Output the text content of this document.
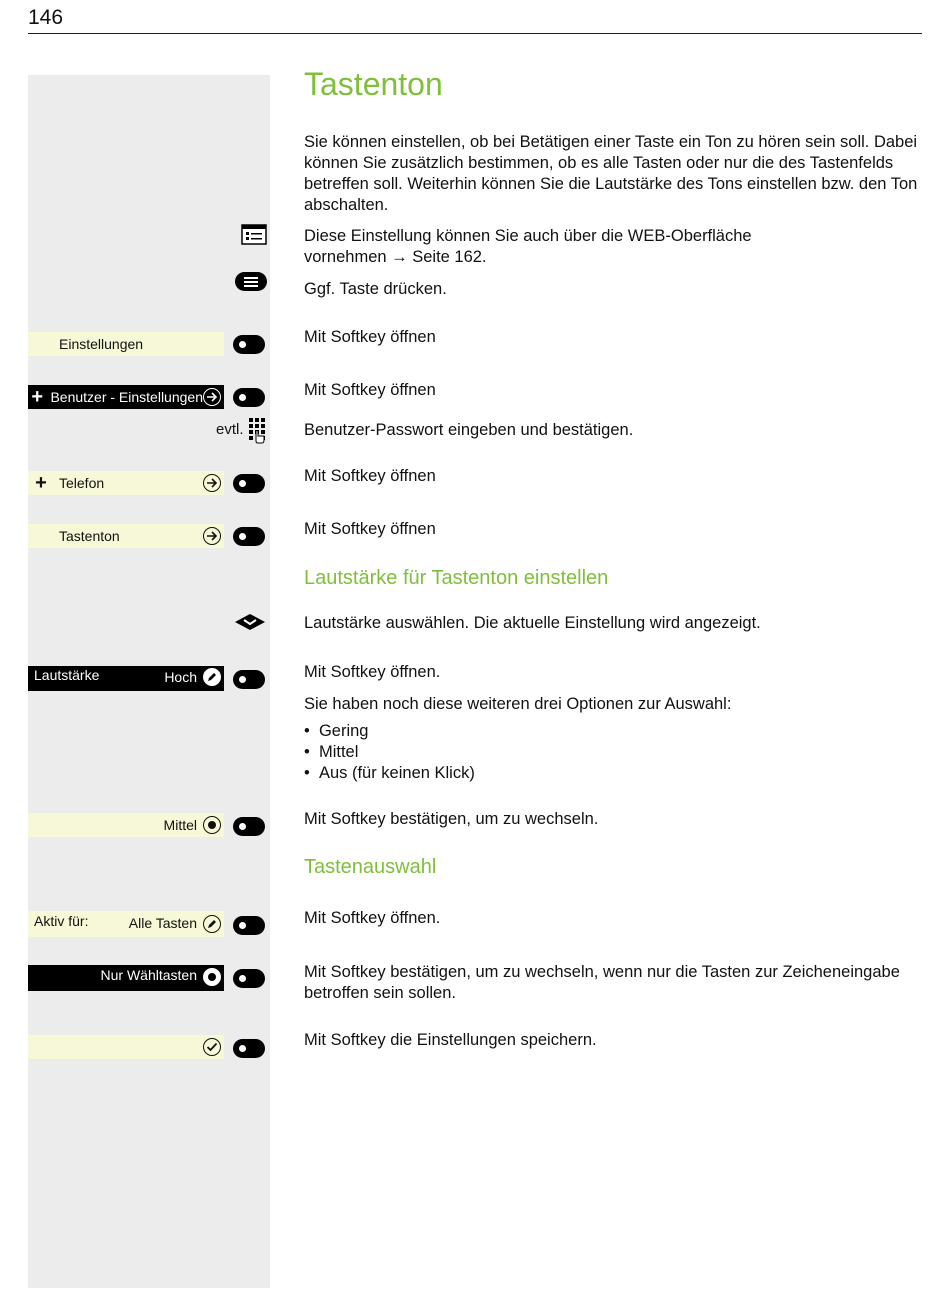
146
Tastenton
Sie können einstellen, ob bei Betätigen einer Taste ein Ton zu hören sein soll. Dabei können Sie zusätzlich bestimmen, ob es alle Tasten oder nur die des Tastenfelds betreffen soll. Weiterhin können Sie die Lautstärke des Tons einstellen bzw. den Ton abschalten.
Diese Einstellung können Sie auch über die WEB-Oberfläche
vornehmen → Seite 162.
Ggf. Taste drücken.
Einstellungen	Mit Softkey öffnen
+ Benutzer - Einstellungen	Mit Softkey öffnen
evtl.	Benutzer-Passwort eingeben und bestätigen.
+ Telefon	Mit Softkey öffnen
Tastenton	Mit Softkey öffnen
Lautstärke für Tastenton einstellen
Lautstärke auswählen. Die aktuelle Einstellung wird angezeigt.
Lautstärke	Hoch	Mit Softkey öffnen.
Sie haben noch diese weiteren drei Optionen zur Auswahl:
•  Gering
•  Mittel
•  Aus (für keinen Klick)
Mittel	Mit Softkey bestätigen, um zu wechseln.
Tastenauswahl
Aktiv für:	Alle Tasten	Mit Softkey öffnen.
Nur Wähltasten	Mit Softkey bestätigen, um zu wechseln, wenn nur die Tasten zur Zeicheneingabe betroffen sein sollen.
Mit Softkey die Einstellungen speichern.
